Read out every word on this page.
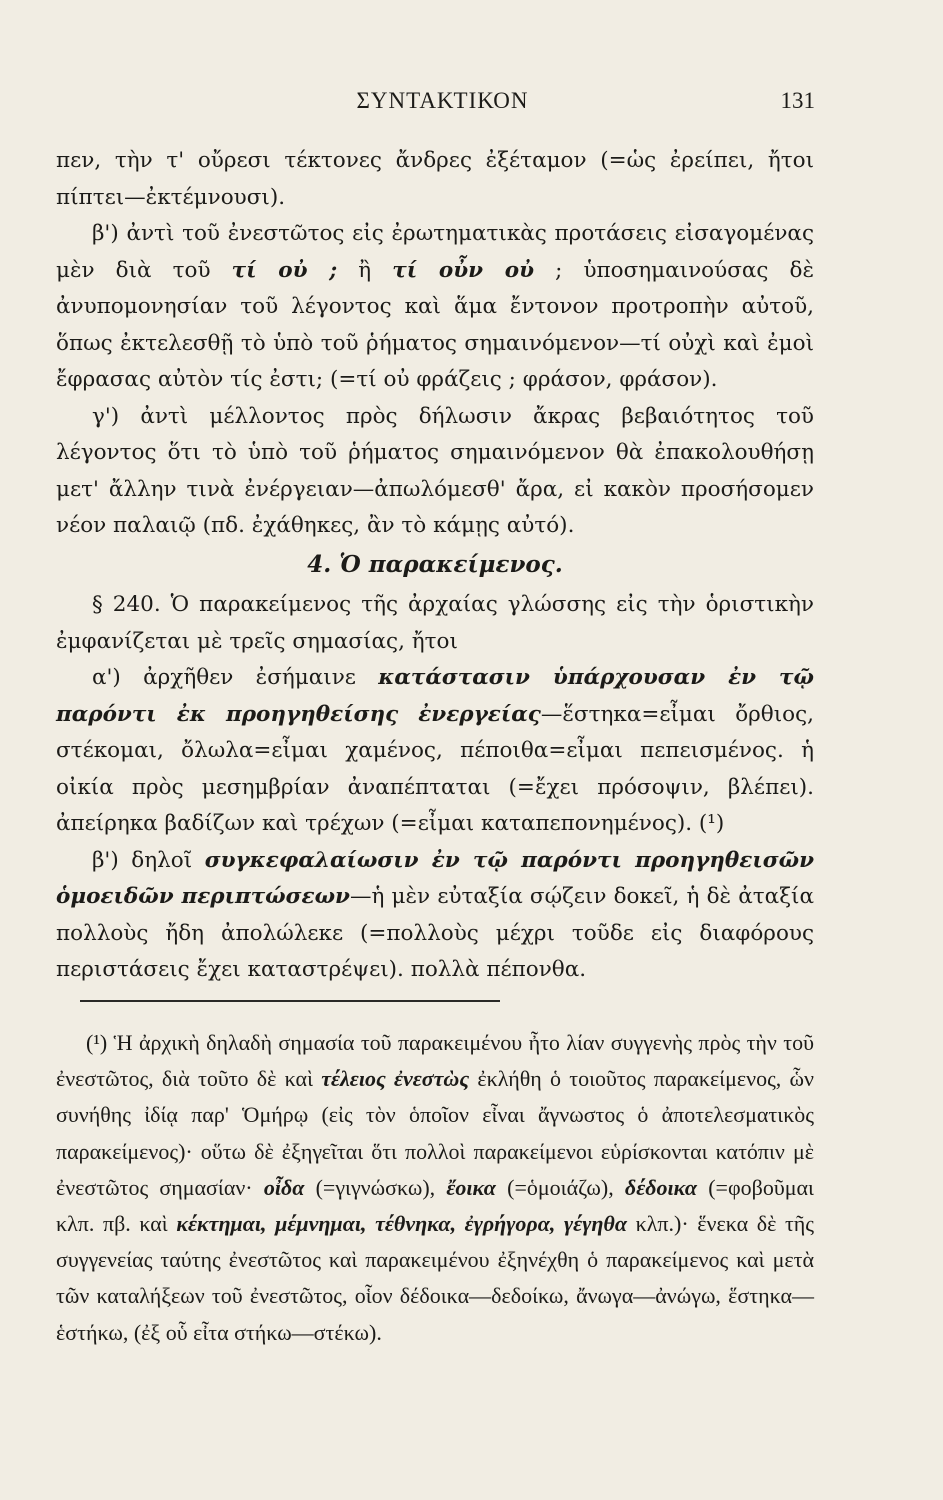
ΣΥΝΤΑΚΤΙΚΟΝ	131

πεν, τὴν τ' οὔρεσι τέκτονες ἄνδρες ἐξέταμον (=ὡς ἐρείπει, ἤτοι πίπτει—ἐκτέμνουσι).

β') ἀντὶ τοῦ ἐνεστῶτος εἰς ἐρωτηματικὰς προτάσεις εἰσαγομένας μὲν διὰ τοῦ τί οὐ ; ἢ τί οὖν οὐ ; ὑποσημαινούσας δὲ ἀνυπομονησίαν τοῦ λέγοντος καὶ ἅμα ἔντονον προτροπὴν αὐτοῦ, ὅπως ἐκτελεσθῇ τὸ ὑπὸ τοῦ ῥήματος σημαινόμενον—τί οὐχὶ καὶ ἐμοὶ ἔφρασας αὐτὸν τίς ἐστι; (=τί οὐ φράζεις ; φράσον, φράσον).

γ') ἀντὶ μέλλοντος πρὸς δήλωσιν ἄκρας βεβαιότητος τοῦ λέγοντος ὅτι τὸ ὑπὸ τοῦ ῥήματος σημαινόμενον θὰ ἐπακολουθήσῃ μετ' ἄλλην τινὰ ἐνέργειαν—ἀπωλόμεσθ' ἄρα, εἰ κακὸν προσήσομεν νέον παλαιῷ (πδ. ἐχάθηκες, ἂν τὸ κάμῃς αὐτό).

4. Ὁ παρακείμενος.

§ 240. Ὁ παρακείμενος τῆς ἀρχαίας γλώσσης εἰς τὴν ὁριστικὴν ἐμφανίζεται μὲ τρεῖς σημασίας, ἤτοι

α') ἀρχῆθεν ἐσήμαινε κατάστασιν ὑπάρχουσαν ἐν τῷ παρόντι ἐκ προηγηθείσης ἐνεργείας—ἕστηκα=εἶμαι ὄρθιος, στέκομαι, ὄλωλα=εἶμαι χαμένος, πέποιθα=εἶμαι πεπεισμένος. ἡ οἰκία πρὸς μεσημβρίαν ἀναπέπταται (=ἔχει πρόσοψιν, βλέπει). ἀπείρηκα βαδίζων καὶ τρέχων (=εἶμαι καταπεπονημένος). (¹)

β') δηλοῖ συγκεφαλαίωσιν ἐν τῷ παρόντι προηγηθεισῶν ὁμοειδῶν περιπτώσεων—ἡ μὲν εὐταξία σῴζειν δοκεῖ, ἡ δὲ ἀταξία πολλοὺς ἤδη ἀπολώλεκε (=πολλοὺς μέχρι τοῦδε εἰς διαφόρους περιστάσεις ἔχει καταστρέψει). πολλὰ πέπονθα.

(¹) Ἡ ἀρχικὴ δηλαδὴ σημασία τοῦ παρακειμένου ἦτο λίαν συγγενὴς πρὸς τὴν τοῦ ἐνεστῶτος, διὰ τοῦτο δὲ καὶ τέλειος ἐνεστὼς ἐκλήθη ὁ τοιοῦτος παρακείμενος, ὧν συνήθης ἰδίᾳ παρ' Ὁμήρῳ (εἰς τὸν ὁποῖον εἶναι ἄγνωστος ὁ ἀποτελεσματικὸς παρακείμενος)· οὕτω δὲ ἐξηγεῖται ὅτι πολλοὶ παρακείμενοι εὑρίσκονται κατόπιν μὲ ἐνεστῶτος σημασίαν· οἶδα (=γιγνώσκω), ἔοικα (=ὁμοιάζω), δέδοικα (=φοβοῦμαι κλπ. πβ. καὶ κέκτημαι, μέμνημαι, τέθνηκα, ἐγρήγορα, γέγηθα κλπ.)· ἕνεκα δὲ τῆς συγγενείας ταύτης ἐνεστῶτος καὶ παρακειμένου ἐξηνέχθη ὁ παρακείμενος καὶ μετὰ τῶν καταλήξεων τοῦ ἐνεστῶτος, οἷον δέδοικα—δεδοίκω, ἄνωγα—ἀνώγω, ἕστηκα—ἑστήκω, (ἐξ οὗ εἶτα στήκω—στέκω).
